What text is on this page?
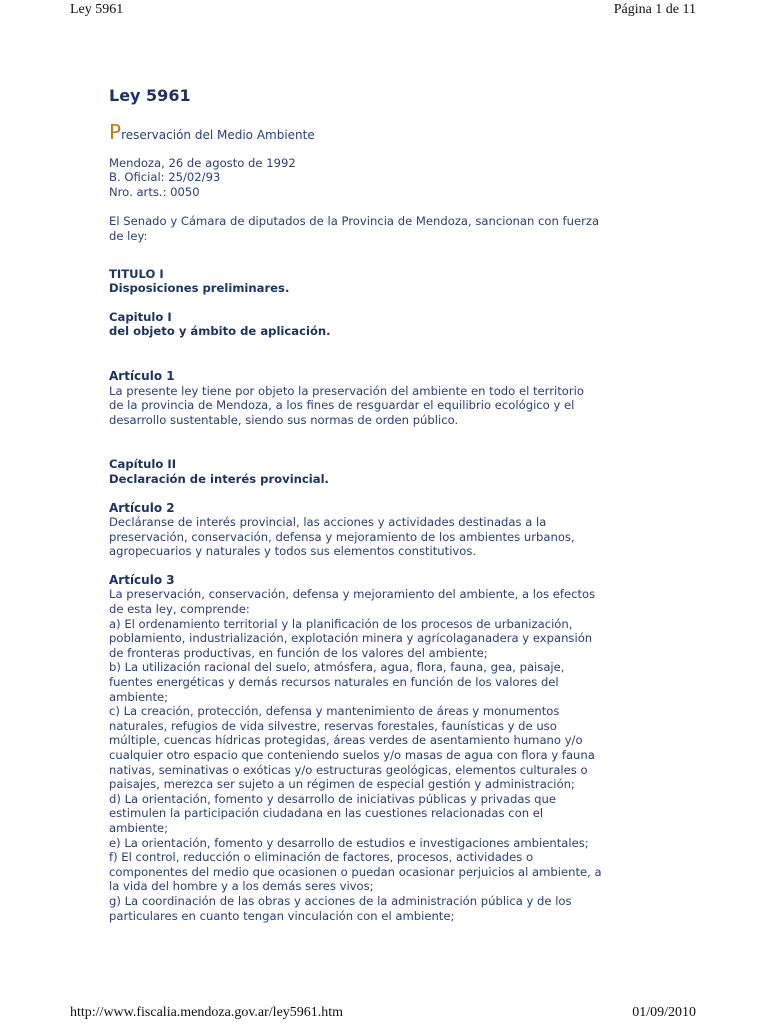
Ley 5961	Página 1 de 11
Ley 5961
Preservación del Medio Ambiente
Mendoza, 26 de agosto de 1992
B. Oficial: 25/02/93
Nro. arts.: 0050
El Senado y Cámara de diputados de la Provincia de Mendoza, sancionan con fuerza
de ley:
TITULO I
Disposiciones preliminares.
Capitulo I
del objeto y ámbito de aplicación.
Artículo 1
La presente ley tiene por objeto la preservación del ambiente en todo el territorio
de la provincia de Mendoza, a los fines de resguardar el equilibrio ecológico y el
desarrollo sustentable, siendo sus normas de orden público.
Capítulo II
Declaración de interés provincial.
Artículo 2
Decláranse de interés provincial, las acciones y actividades destinadas a la
preservación, conservación, defensa y mejoramiento de los ambientes urbanos,
agropecuarios y naturales y todos sus elementos constitutivos.
Artículo 3
La preservación, conservación, defensa y mejoramiento del ambiente, a los efectos
de esta ley, comprende:
a) El ordenamiento territorial y la planificación de los procesos de urbanización,
poblamiento, industrialización, explotación minera y agrícolaganadera y expansión
de fronteras productivas, en función de los valores del ambiente;
b) La utilización racional del suelo, atmósfera, agua, flora, fauna, gea, paisaje,
fuentes energéticas y demás recursos naturales en función de los valores del
ambiente;
c) La creación, protección, defensa y mantenimiento de áreas y monumentos
naturales, refugios de vida silvestre, reservas forestales, faunísticas y de uso
múltiple, cuencas hídricas protegidas, áreas verdes de asentamiento humano y/o
cualquier otro espacio que conteniendo suelos y/o masas de agua con flora y fauna
nativas, seminativas o exóticas y/o estructuras geológicas, elementos culturales o
paisajes, merezca ser sujeto a un régimen de especial gestión y administración;
d) La orientación, fomento y desarrollo de iniciativas públicas y privadas que
estimulen la participación ciudadana en las cuestiones relacionadas con el
ambiente;
e) La orientación, fomento y desarrollo de estudios e investigaciones ambientales;
f) El control, reducción o eliminación de factores, procesos, actividades o
componentes del medio que ocasionen o puedan ocasionar perjuicios al ambiente, a
la vida del hombre y a los demás seres vivos;
g) La coordinación de las obras y acciones de la administración pública y de los
particulares en cuanto tengan vinculación con el ambiente;
http://www.fiscalia.mendoza.gov.ar/ley5961.htm	01/09/2010
